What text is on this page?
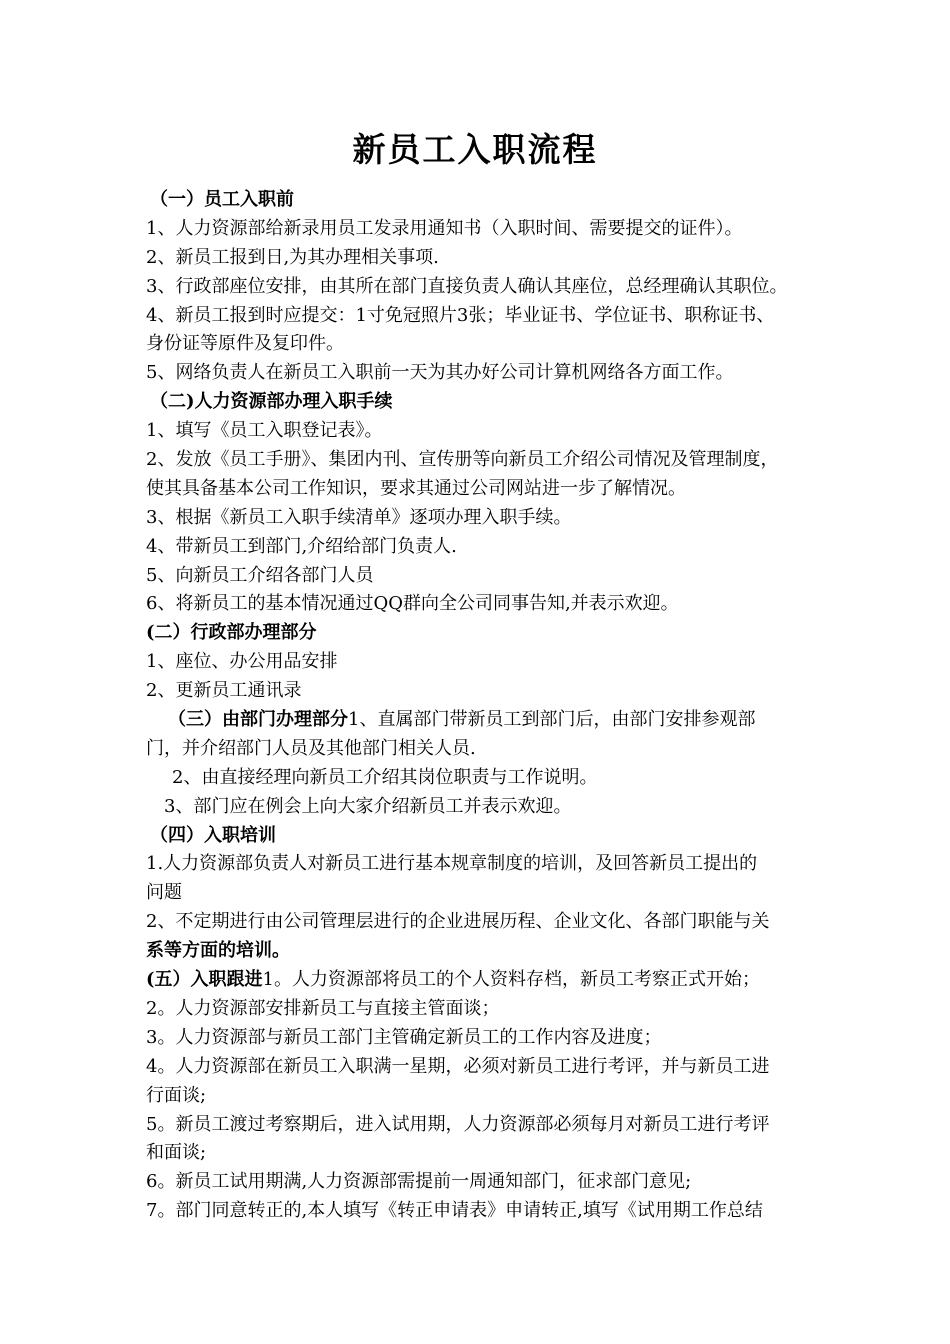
新员工入职流程
（一）员工入职前
1、人力资源部给新录用员工发录用通知书（入职时间、需要提交的证件）。
2、新员工报到日,为其办理相关事项.
3、行政部座位安排，由其所在部门直接负责人确认其座位，总经理确认其职位。
4、新员工报到时应提交：1寸免冠照片3张；毕业证书、学位证书、职称证书、
身份证等原件及复印件。
5、网络负责人在新员工入职前一天为其办好公司计算机网络各方面工作。
（二)人力资源部办理入职手续
1、填写《员工入职登记表》。
2、发放《员工手册》、集团内刊、宣传册等向新员工介绍公司情况及管理制度，
使其具备基本公司工作知识，要求其通过公司网站进一步了解情况。
3、根据《新员工入职手续清单》逐项办理入职手续。
4、带新员工到部门,介绍给部门负责人.
5、向新员工介绍各部门人员
6、将新员工的基本情况通过QQ群向全公司同事告知,并表示欢迎。
(二）行政部办理部分
1、座位、办公用品安排
2、更新员工通讯录
（三）由部门办理部分1、直属部门带新员工到部门后，由部门安排参观部
门，并介绍部门人员及其他部门相关人员.
2、由直接经理向新员工介绍其岗位职责与工作说明。
3、部门应在例会上向大家介绍新员工并表示欢迎。
（四）入职培训
1.人力资源部负责人对新员工进行基本规章制度的培训，及回答新员工提出的
问题
2、不定期进行由公司管理层进行的企业进展历程、企业文化、各部门职能与关
系等方面的培训。
(五）入职跟进1。人力资源部将员工的个人资料存档，新员工考察正式开始；
2。人力资源部安排新员工与直接主管面谈；
3。人力资源部与新员工部门主管确定新员工的工作内容及进度；
4。人力资源部在新员工入职满一星期，必须对新员工进行考评，并与新员工进
行面谈;
5。新员工渡过考察期后，进入试用期，人力资源部必须每月对新员工进行考评
和面谈;
6。新员工试用期满,人力资源部需提前一周通知部门，征求部门意见;
7。部门同意转正的,本人填写《转正申请表》申请转正,填写《试用期工作总结
